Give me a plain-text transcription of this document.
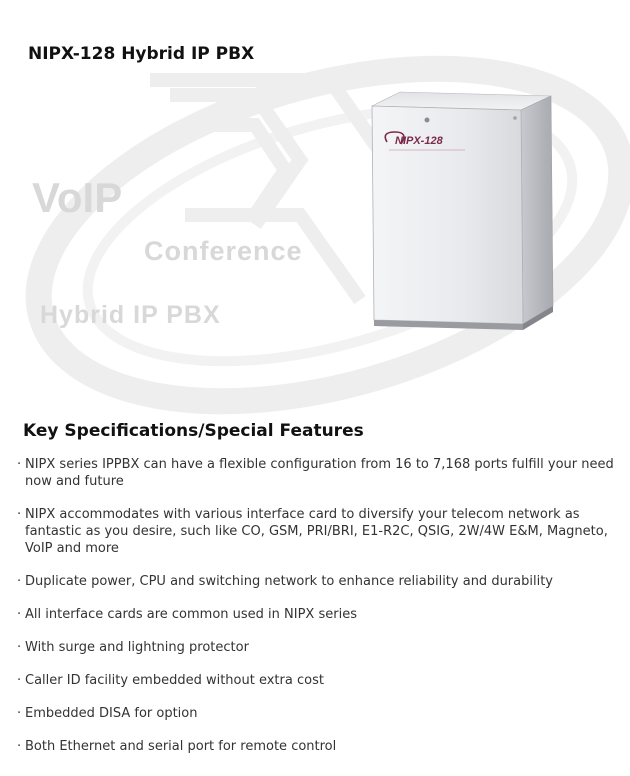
NIPX-128 Hybrid IP PBX
VoIP
Conference
Hybrid IP PBX
NIPX-128
Key Specifications/Special Features
· NIPX series IPPBX can have a flexible configuration from 16 to 7,168 ports fulfill your need now and future
· NIPX accommodates with various interface card to diversify your telecom network as fantastic as you desire, such like CO, GSM, PRI/BRI, E1-R2C, QSIG, 2W/4W E&M, Magneto, VoIP and more
· Duplicate power, CPU and switching network to enhance reliability and durability
· All interface cards are common used in NIPX series
· With surge and lightning protector
· Caller ID facility embedded without extra cost
· Embedded DISA for option
· Both Ethernet and serial port for remote control
